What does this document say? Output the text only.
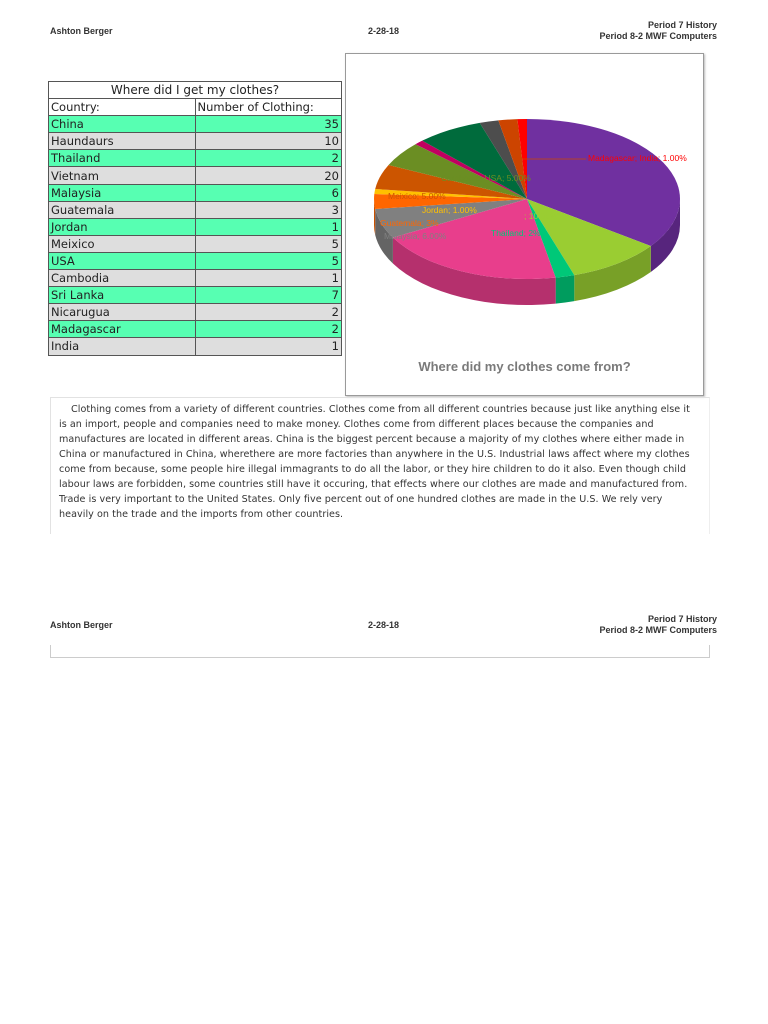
Ashton Berger	2-28-18
Period 7 History
Period 8-2 MWF Computers
Where did I get my clothes?	
Country:	Number of Clothing:
China	35
Haundaurs	10
Thailand	2
Vietnam	20
Malaysia	6
Guatemala	3
Jordan	1
Meixico	5
USA	5
Cambodia	1
Sri Lanka	7
Nicarugua	2
Madagascar	2
India	1
Madagascar; India; 1.00%
; 10.00%
Thailand; 2%
Jordan; 1.00%
Cambodia; USA; 5.00%
Meixico; 5.00%
Guatemala; 3%
Malaysia; 6.00%
Where did my clothes come from?

Clothing comes from a variety of different countries. Clothes come from all different countries because just like anything else it is an import, people and companies need to make money. Clothes come from different places because the companies and manufactures are located in different areas. China is the biggest percent because a majority of my clothes where either made in China or manufactured in China, wherethere are more factories than anywhere in the U.S. Industrial laws affect where my clothes come from because, some people hire illegal immagrants to do all the labor, or they hire children to do it also. Even though child labour laws are forbidden, some countries still have it occuring, that effects where our clothes are made and manufactured from. Trade is very important to the United States. Only five percent out of one hundred clothes are made in the U.S. We rely very heavily on the trade and the imports from other countries.

Ashton Berger	2-28-18
Period 7 History
Period 8-2 MWF Computers
